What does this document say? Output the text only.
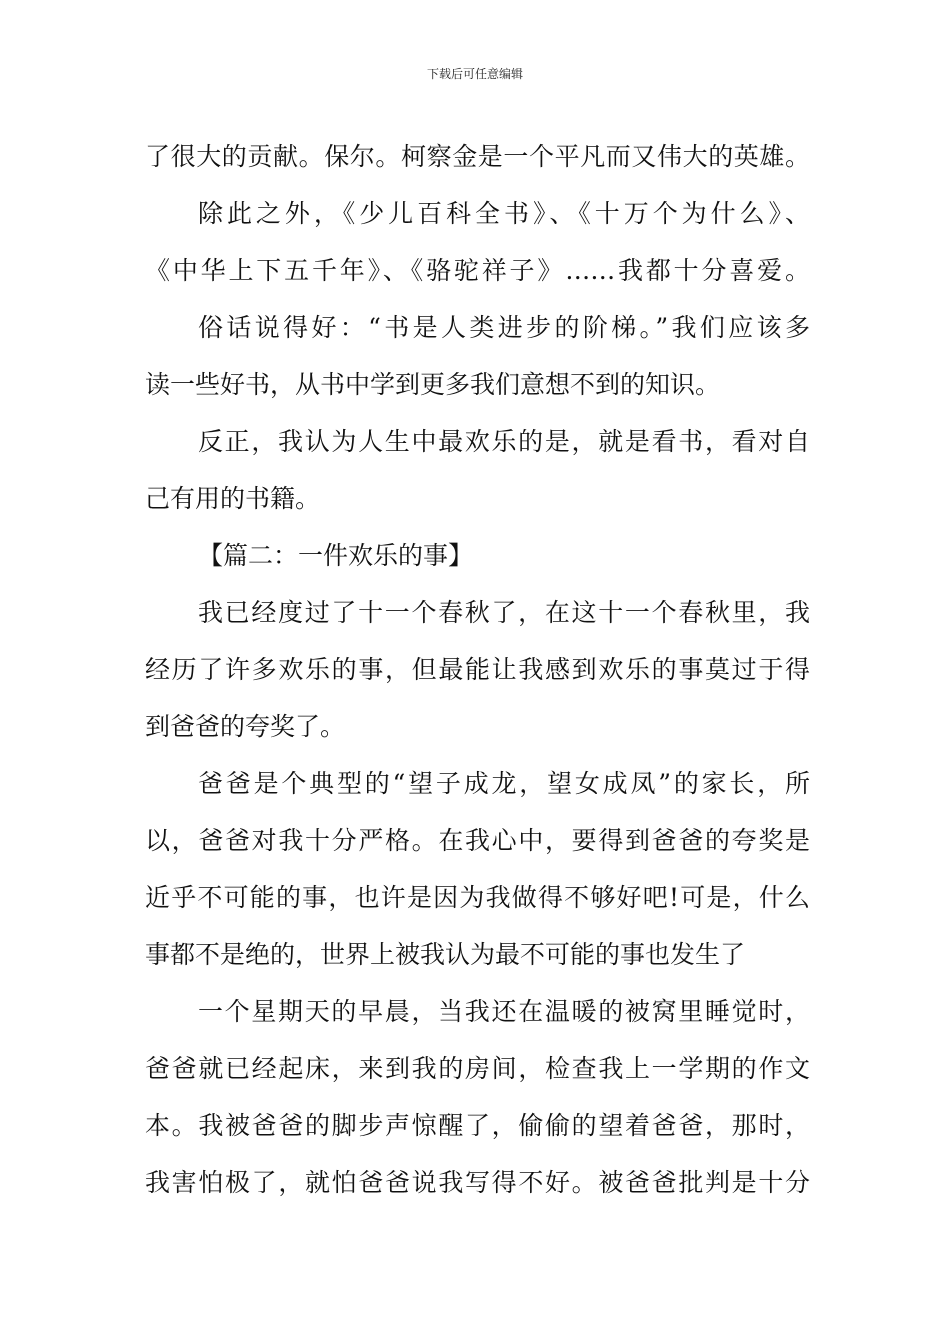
下载后可任意编辑
了很大的贡献。保尔。柯察金是一个平凡而又伟大的英雄。
除此之外，《少儿百科全书》、《十万个为什么》、
《中华上下五千年》、《骆驼祥子》……我都十分喜爱。
俗话说得好：“书是人类进步的阶梯。”我们应该多
读一些好书，从书中学到更多我们意想不到的知识。
反正，我认为人生中最欢乐的是，就是看书，看对自
己有用的书籍。
【篇二：一件欢乐的事】
我已经度过了十一个春秋了，在这十一个春秋里，我
经历了许多欢乐的事，但最能让我感到欢乐的事莫过于得
到爸爸的夸奖了。
爸爸是个典型的“望子成龙，望女成凤”的家长，所
以，爸爸对我十分严格。在我心中，要得到爸爸的夸奖是
近乎不可能的事，也许是因为我做得不够好吧!可是，什么
事都不是绝的，世界上被我认为最不可能的事也发生了
一个星期天的早晨，当我还在温暖的被窝里睡觉时，
爸爸就已经起床，来到我的房间，检查我上一学期的作文
本。我被爸爸的脚步声惊醒了，偷偷的望着爸爸，那时，
我害怕极了，就怕爸爸说我写得不好。被爸爸批判是十分
